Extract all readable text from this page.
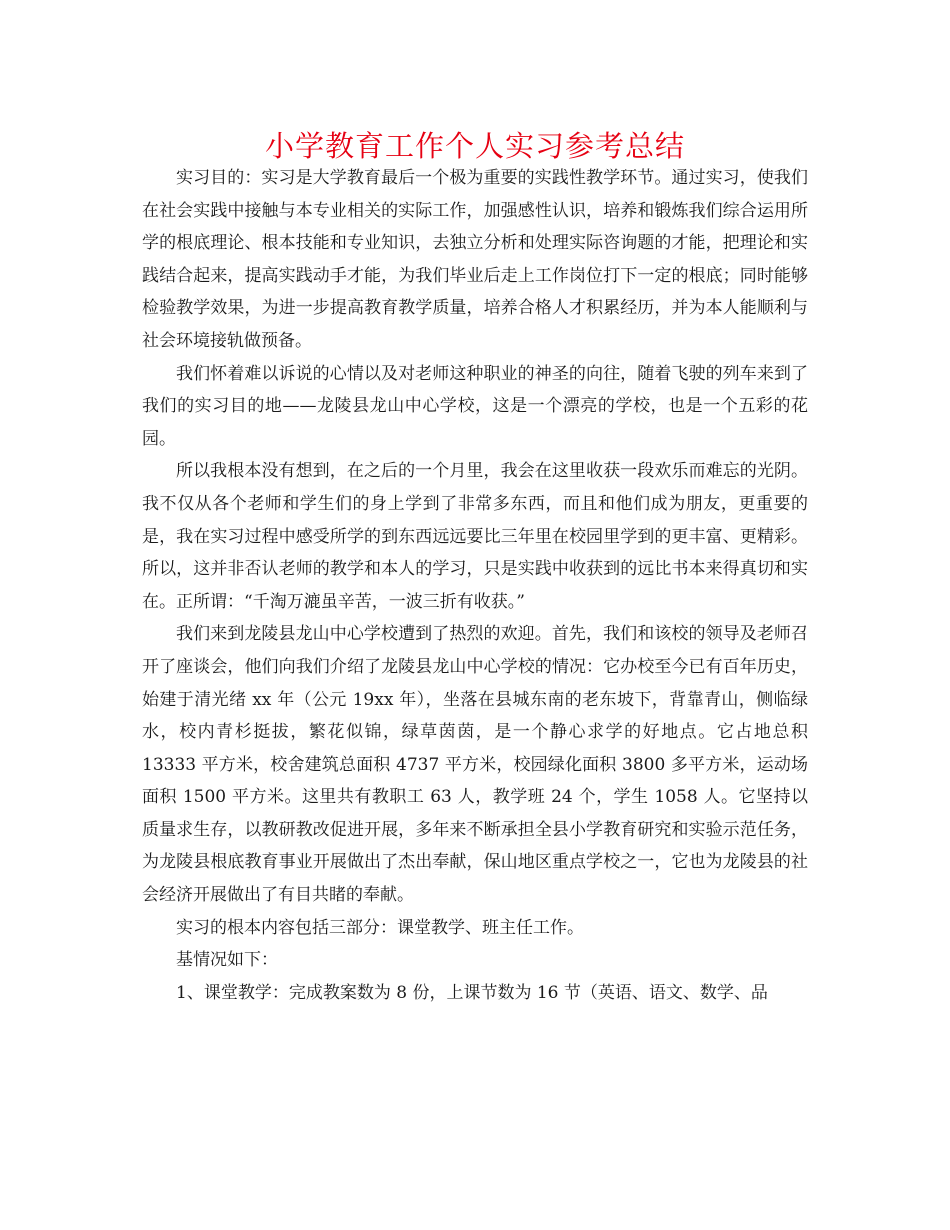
小学教育工作个人实习参考总结

实习目的：实习是大学教育最后一个极为重要的实践性教学环节。通过实习，使我们在社会实践中接触与本专业相关的实际工作，加强感性认识，培养和锻炼我们综合运用所学的根底理论、根本技能和专业知识，去独立分析和处理实际咨询题的才能，把理论和实践结合起来，提高实践动手才能，为我们毕业后走上工作岗位打下一定的根底；同时能够检验教学效果，为进一步提高教育教学质量，培养合格人才积累经历，并为本人能顺利与社会环境接轨做预备。

我们怀着难以诉说的心情以及对老师这种职业的神圣的向往，随着飞驶的列车来到了我们的实习目的地——龙陵县龙山中心学校，这是一个漂亮的学校，也是一个五彩的花园。

所以我根本没有想到，在之后的一个月里，我会在这里收获一段欢乐而难忘的光阴。我不仅从各个老师和学生们的身上学到了非常多东西，而且和他们成为朋友，更重要的是，我在实习过程中感受所学的到东西远远要比三年里在校园里学到的更丰富、更精彩。所以，这并非否认老师的教学和本人的学习，只是实践中收获到的远比书本来得真切和实在。正所谓：“千淘万漉虽辛苦，一波三折有收获。”

我们来到龙陵县龙山中心学校遭到了热烈的欢迎。首先，我们和该校的领导及老师召开了座谈会，他们向我们介绍了龙陵县龙山中心学校的情况：它办校至今已有百年历史，始建于清光绪 xx 年（公元 19xx 年），坐落在县城东南的老东坡下，背靠青山，侧临绿水，校内青杉挺拔，繁花似锦，绿草茵茵，是一个静心求学的好地点。它占地总积 13333 平方米，校舍建筑总面积 4737 平方米，校园绿化面积 3800 多平方米，运动场面积 1500 平方米。这里共有教职工 63 人，教学班 24 个，学生 1058 人。它坚持以质量求生存，以教研教改促进开展，多年来不断承担全县小学教育研究和实验示范任务，为龙陵县根底教育事业开展做出了杰出奉献，保山地区重点学校之一，它也为龙陵县的社会经济开展做出了有目共睹的奉献。

实习的根本内容包括三部分：课堂教学、班主任工作。

基情况如下：

1、课堂教学：完成教案数为 8 份，上课节数为 16 节（英语、语文、数学、品
